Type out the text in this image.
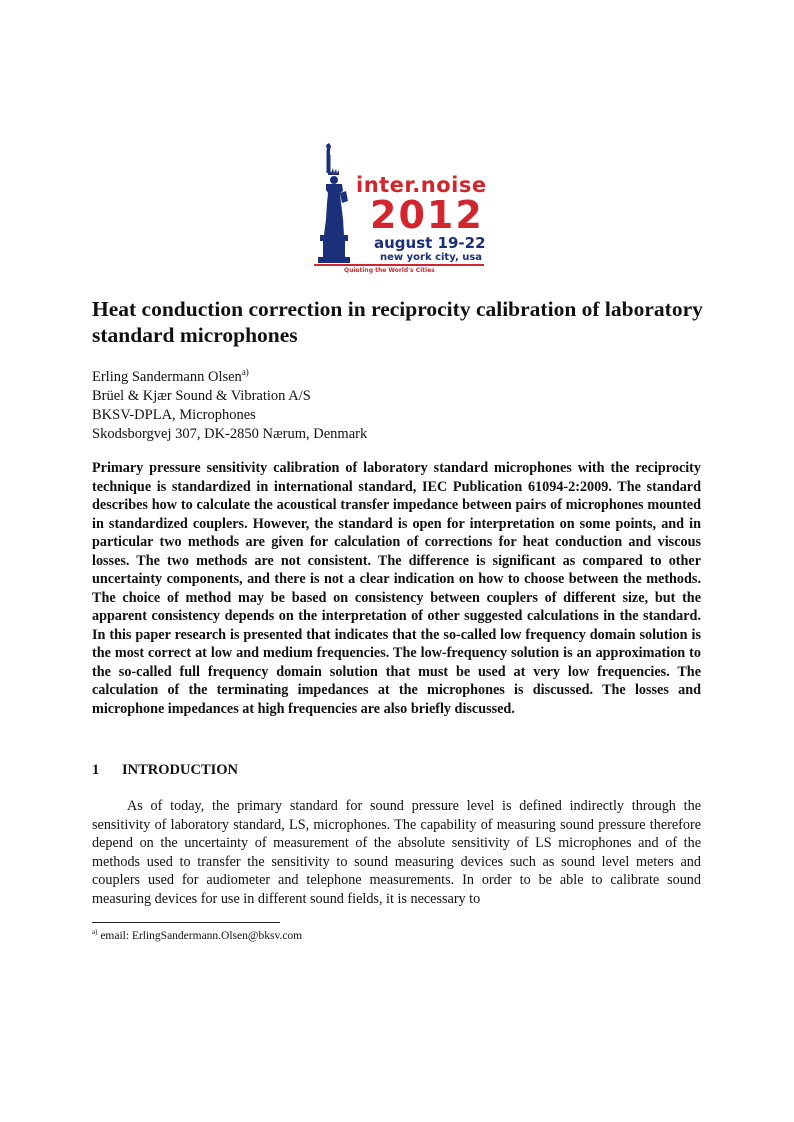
inter.noise
2012
august 19-22
new york city, usa
Quieting the World's Cities
Heat conduction correction in reciprocity calibration of laboratory standard microphones
Erling Sandermann Olsen$^{a)}$
Brüel & Kjær Sound & Vibration A/S
BKSV-DPLA, Microphones
Skodsborgvej 307, DK-2850 Nærum, Denmark

Primary pressure sensitivity calibration of laboratory standard microphones with the reciprocity technique is standardized in international standard, IEC Publication 61094-2:2009. The standard describes how to calculate the acoustical transfer impedance between pairs of microphones mounted in standardized couplers. However, the standard is open for interpretation on some points, and in particular two methods are given for calculation of corrections for heat conduction and viscous losses. The two methods are not consistent. The difference is significant as compared to other uncertainty components, and there is not a clear indication on how to choose between the methods. The choice of method may be based on consistency between couplers of different size, but the apparent consistency depends on the interpretation of other suggested calculations in the standard. In this paper research is presented that indicates that the so-called low frequency domain solution is the most correct at low and medium frequencies. The low-frequency solution is an approximation to the so-called full frequency domain solution that must be used at very low frequencies. The calculation of the terminating impedances at the microphones is discussed. The losses and microphone impedances at high frequencies are also briefly discussed.

1 INTRODUCTION

As of today, the primary standard for sound pressure level is defined indirectly through the sensitivity of laboratory standard, LS, microphones. The capability of measuring sound pressure therefore depend on the uncertainty of measurement of the absolute sensitivity of LS microphones and of the methods used to transfer the sensitivity to sound measuring devices such as sound level meters and couplers used for audiometer and telephone measurements. In order to be able to calibrate sound measuring devices for use in different sound fields, it is necessary to

$^{a)}$ email: ErlingSandermann.Olsen@bksv.com
